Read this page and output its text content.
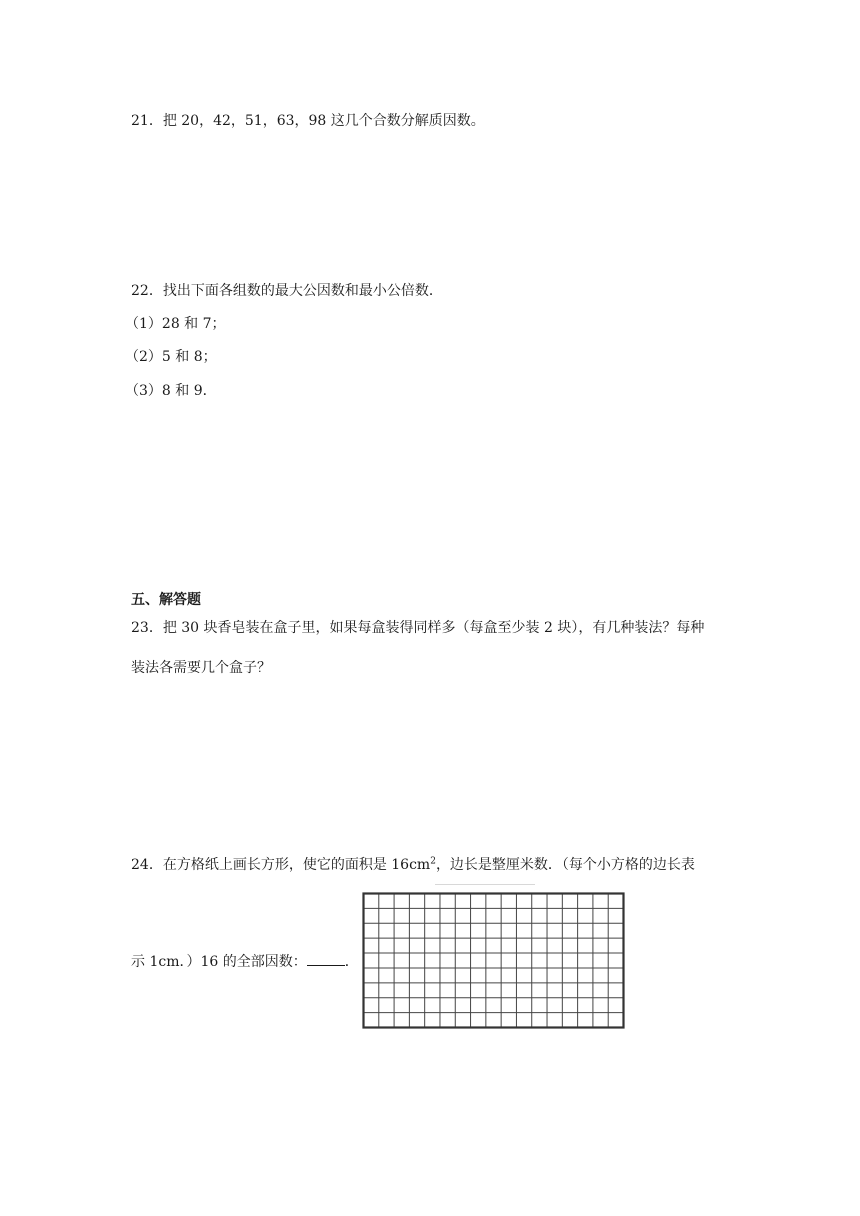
21．把 20，42，51，63，98 这几个合数分解质因数。
22．找出下面各组数的最大公因数和最小公倍数．
（1）28 和 7；
（2）5 和 8；
（3）8 和 9．
五、解答题
23．把 30 块香皂装在盒子里，如果每盒装得同样多（每盒至少装 2 块），有几种装法？每种
装法各需要几个盒子？
24．在方格纸上画长方形，使它的面积是 $16cm^2$，边长是整厘米数．（每个小方格的边长表
示 1cm．）16 的全部因数：	．
